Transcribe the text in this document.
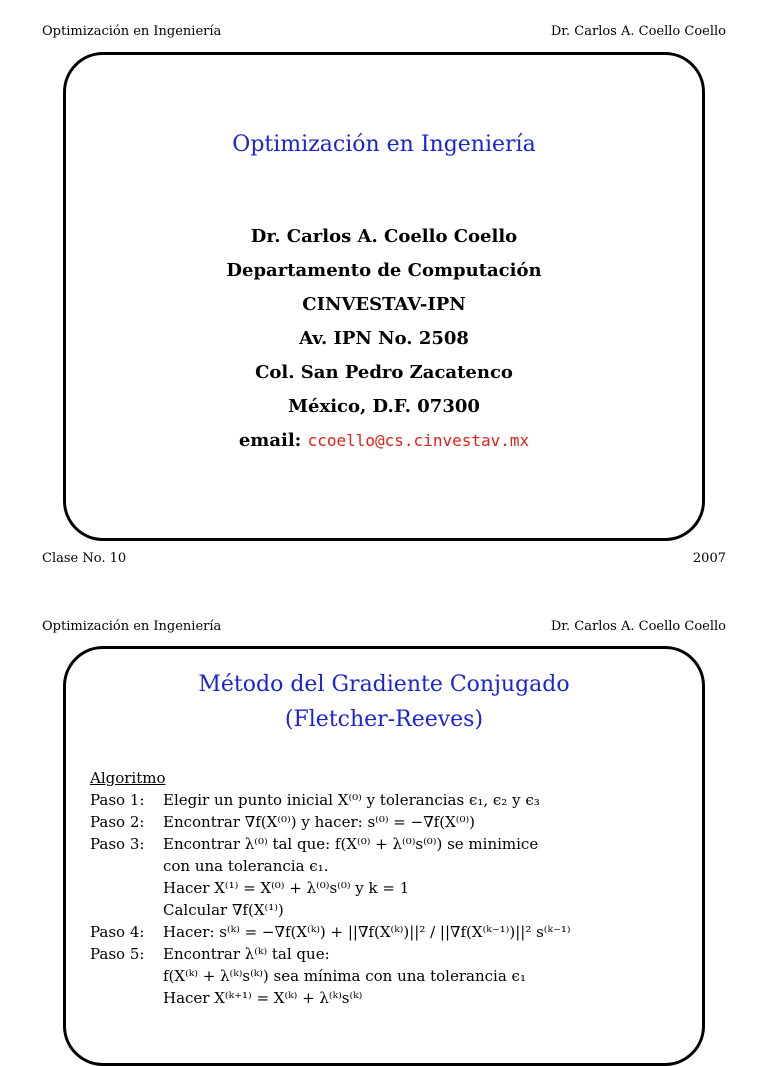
Optimización en Ingeniería	Dr. Carlos A. Coello Coello
Optimización en Ingeniería
Dr. Carlos A. Coello Coello
Departamento de Computación
CINVESTAV-IPN
Av. IPN No. 2508
Col. San Pedro Zacatenco
México, D.F. 07300
email: ccoello@cs.cinvestav.mx
Clase No. 10	2007
Optimización en Ingeniería	Dr. Carlos A. Coello Coello
Método del Gradiente Conjugado
(Fletcher-Reeves)
Algoritmo
Paso 1:	Elegir un punto inicial X⁽⁰⁾ y tolerancias ϵ₁, ϵ₂ y ϵ₃
Paso 2:	Encontrar ∇f(X⁽⁰⁾) y hacer: s⁽⁰⁾ = −∇f(X⁽⁰⁾)
Paso 3:	Encontrar λ⁽⁰⁾ tal que: f(X⁽⁰⁾ + λ⁽⁰⁾s⁽⁰⁾) se minimice
con una tolerancia ϵ₁.
Hacer X⁽¹⁾ = X⁽⁰⁾ + λ⁽⁰⁾s⁽⁰⁾ y k = 1
Calcular ∇f(X⁽¹⁾)
Paso 4:	Hacer: s⁽ᵏ⁾ = −∇f(X⁽ᵏ⁾) + ||∇f(X⁽ᵏ⁾)||² / ||∇f(X⁽ᵏ⁻¹⁾)||² s⁽ᵏ⁻¹⁾
Paso 5:	Encontrar λ⁽ᵏ⁾ tal que:
f(X⁽ᵏ⁾ + λ⁽ᵏ⁾s⁽ᵏ⁾) sea mínima con una tolerancia ϵ₁
Hacer X⁽ᵏ⁺¹⁾ = X⁽ᵏ⁾ + λ⁽ᵏ⁾s⁽ᵏ⁾
